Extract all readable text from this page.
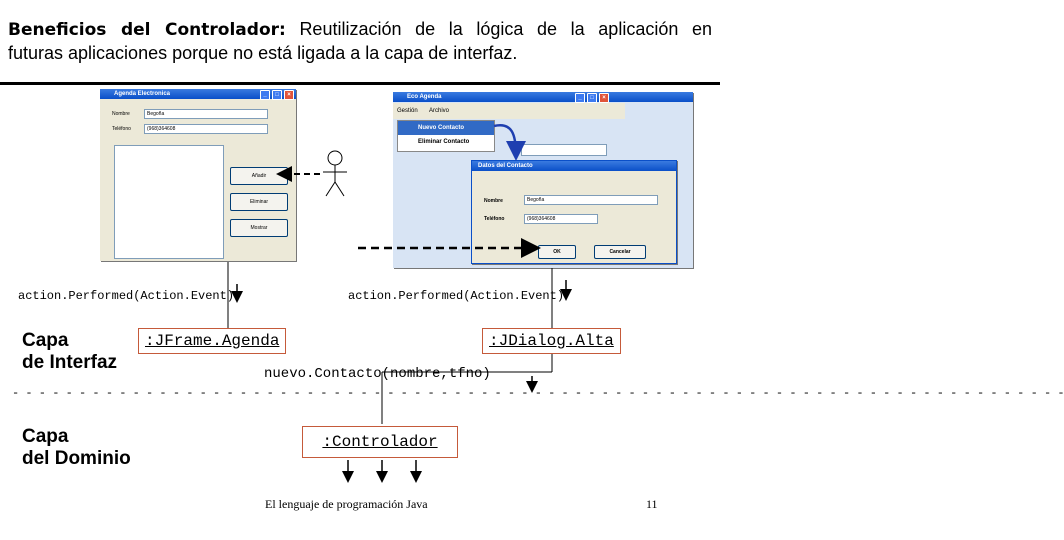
Beneficios del Controlador: Reutilización de la lógica de la aplicación en
futuras aplicaciones porque no está ligada a la capa de interfaz.
Agenda Electronica	_	□	×
Nombre	Begoña
Teléfono	(968)364608
Añadir
Eliminar
Mostrar
Eco Agenda	_	□	×
Gestión Archivo
Nuevo Contacto
Eliminar Contacto
Datos del Contacto
Nombre	Begoña
Teléfono	(968)364608
OK	Cancelar
action.Performed(Action.Event)	action.Performed(Action.Event)
Capa
de Interfaz
Capa
del Dominio
:JFrame.Agenda	:JDialog.Alta
nuevo.Contacto(nombre,tfno)
- - - - - - - - - - - - - - - - - - - - - - - - - - - - - - - - - - - - - - - - - - - - - - - - - - - - - - - - - - - - - - - - - - - - - - - - - - - - - - -
:Controlador
El lenguaje de programación Java	11
